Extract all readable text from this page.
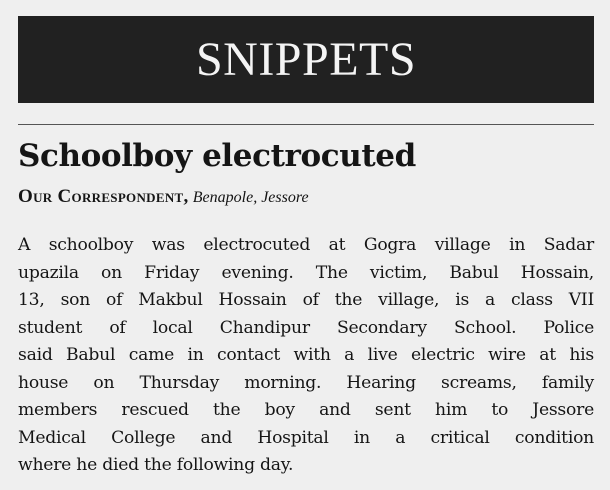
SNIPPETS
Schoolboy electrocuted
Our Correspondent, Benapole, Jessore
A schoolboy was electrocuted at Gogra village in Sadar
upazila on Friday evening. The victim, Babul Hossain,
13, son of Makbul Hossain of the village, is a class VII
student of local Chandipur Secondary School. Police
said Babul came in contact with a live electric wire at his
house on Thursday morning. Hearing screams, family
members rescued the boy and sent him to Jessore
Medical College and Hospital in a critical condition
where he died the following day.
